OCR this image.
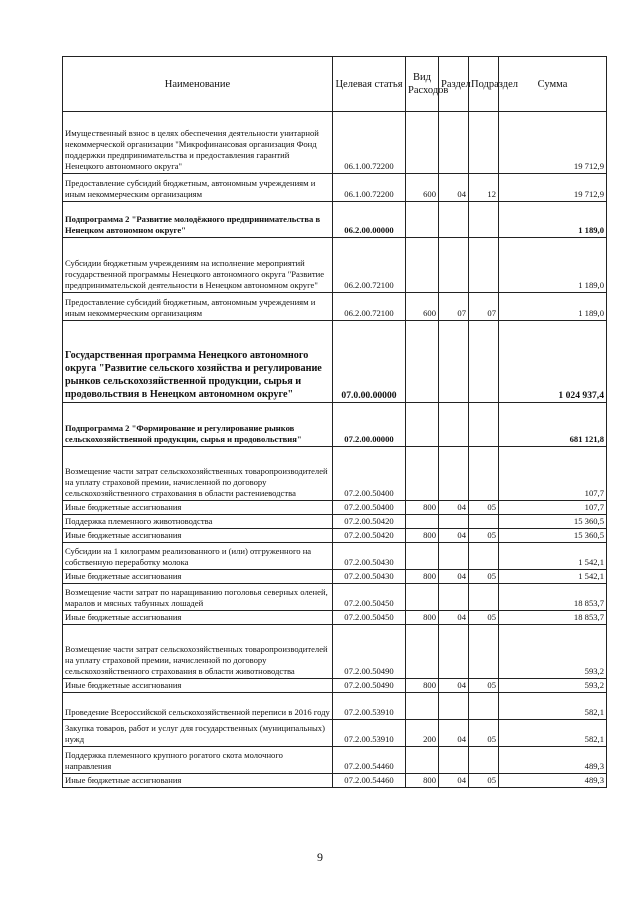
Наименование	Целевая статья	Вид Расходов	Раздел	Подраздел	Сумма
Имущественный взнос в целях обеспечения деятельности унитарной некоммерческой организации "Микрофинансовая организация Фонд поддержки предпринимательства и предоставления гарантий Ненецкого автономного округа"	06.1.00.72200				19 712,9
Предоставление субсидий бюджетным, автономным учреждениям и иным некоммерческим организациям	06.1.00.72200	600	04	12	19 712,9
Подпрограмма 2 "Развитие молодёжного предпринимательства в Ненецком автономном округе"	06.2.00.00000				1 189,0
Субсидии бюджетным учреждениям на исполнение мероприятий государственной программы Ненецкого автономного округа "Развитие предпринимательской деятельности в Ненецком автономном округе"	06.2.00.72100				1 189,0
Предоставление субсидий бюджетным, автономным учреждениям и иным некоммерческим организациям	06.2.00.72100	600	07	07	1 189,0
Государственная программа Ненецкого автономного округа "Развитие сельского хозяйства и регулирование рынков сельскохозяйственной продукции, сырья и продовольствия в Ненецком автономном округе"	07.0.00.00000				1 024 937,4
Подпрограмма 2 "Формирование и регулирование рынков сельскохозяйственной продукции, сырья и продовольствия"	07.2.00.00000				681 121,8
Возмещение части затрат сельскохозяйственных товаропроизводителей на уплату страховой премии, начисленной по договору сельскохозяйственного страхования в области растениеводства	07.2.00.50400				107,7
Иные бюджетные ассигнования	07.2.00.50400	800	04	05	107,7
Поддержка племенного животноводства	07.2.00.50420				15 360,5
Иные бюджетные ассигнования	07.2.00.50420	800	04	05	15 360,5
Субсидии на 1 килограмм реализованного и (или) отгруженного на собственную переработку молока	07.2.00.50430				1 542,1
Иные бюджетные ассигнования	07.2.00.50430	800	04	05	1 542,1
Возмещение части затрат по наращиванию поголовья северных оленей, маралов и мясных табунных лошадей	07.2.00.50450				18 853,7
Иные бюджетные ассигнования	07.2.00.50450	800	04	05	18 853,7
Возмещение части затрат сельскохозяйственных товаропроизводителей на уплату страховой премии, начисленной по договору сельскохозяйственного страхования в области животноводства	07.2.00.50490				593,2
Иные бюджетные ассигнования	07.2.00.50490	800	04	05	593,2
Проведение Всероссийской сельскохозяйственной переписи в 2016 году	07.2.00.53910				582,1
Закупка товаров, работ и услуг для государственных (муниципальных) нужд	07.2.00.53910	200	04	05	582,1
Поддержка племенного крупного рогатого скота молочного направления	07.2.00.54460				489,3
Иные бюджетные ассигнования	07.2.00.54460	800	04	05	489,3
9
